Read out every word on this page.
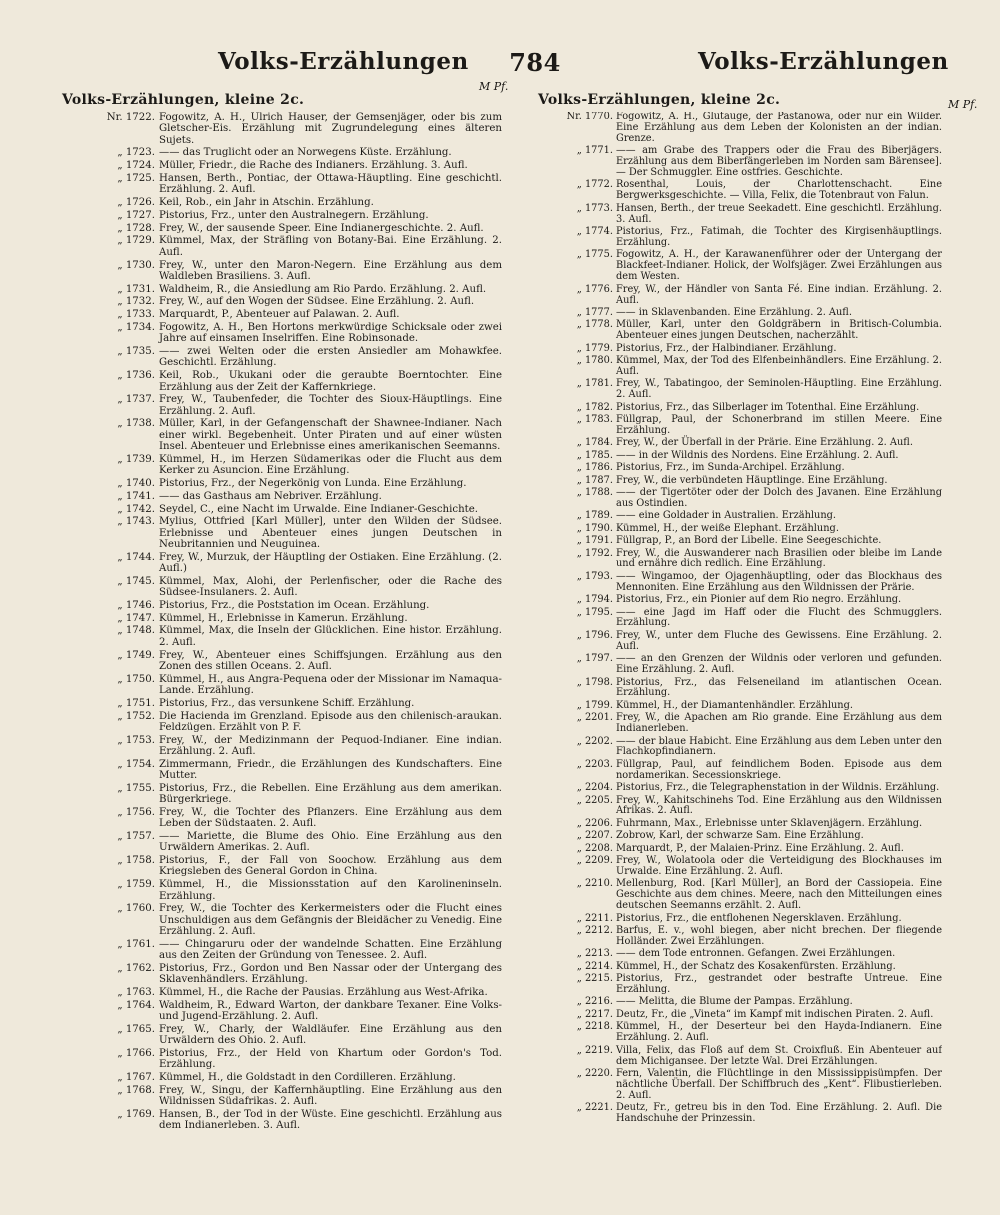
Volks-Erzählungen 784	Volks-Erzählungen
M Pf.
M Pf.
Volks-Erzählungen, kleine 2c.	Volks-Erzählungen, kleine 2c.
Nr. 1722. Fogowitz, A. H., Ulrich Hauser, der Gemsenjäger, oder bis zum Gletscher-Eis. Erzählung mit Zugrundelegung eines älteren Sujets.
„ 1723. —— das Truglicht oder an Norwegens Küste. Erzählung.
„ 1724. Müller, Friedr., die Rache des Indianers. Erzählung. 3. Aufl.
„ 1725. Hansen, Berth., Pontiac, der Ottawa-Häuptling. Eine geschichtl. Erzählung. 2. Aufl.
„ 1726. Keil, Rob., ein Jahr in Atschin. Erzählung.
„ 1727. Pistorius, Frz., unter den Australnegern. Erzählung.
„ 1728. Frey, W., der sausende Speer. Eine Indianergeschichte. 2. Aufl.
„ 1729. Kümmel, Max, der Sträfling von Botany-Bai. Eine Erzählung. 2. Aufl.
„ 1730. Frey, W., unter den Maron-Negern. Eine Erzählung aus dem Waldleben Brasiliens. 3. Aufl.
„ 1731. Waldheim, R., die Ansiedlung am Rio Pardo. Erzählung. 2. Aufl.
„ 1732. Frey, W., auf den Wogen der Südsee. Eine Erzählung. 2. Aufl.
„ 1733. Marquardt, P., Abenteuer auf Palawan. 2. Aufl.
„ 1734. Fogowitz, A. H., Ben Hortons merkwürdige Schicksale oder zwei Jahre auf einsamen Inselriffen. Eine Robinsonade.
„ 1735. —— zwei Welten oder die ersten Ansiedler am Mohawkfee. Geschichtl. Erzählung.
„ 1736. Keil, Rob., Ukukani oder die geraubte Boerntochter. Eine Erzählung aus der Zeit der Kaffernkriege.
„ 1737. Frey, W., Taubenfeder, die Tochter des Sioux-Häuptlings. Eine Erzählung. 2. Aufl.
„ 1738. Müller, Karl, in der Gefangenschaft der Shawnee-Indianer. Nach einer wirkl. Begebenheit. Unter Piraten und auf einer wüsten Insel. Abenteuer und Erlebnisse eines amerikanischen Seemanns.
„ 1739. Kümmel, H., im Herzen Südamerikas oder die Flucht aus dem Kerker zu Asuncion. Eine Erzählung.
„ 1740. Pistorius, Frz., der Negerkönig von Lunda. Eine Erzählung.
„ 1741. —— das Gasthaus am Nebriver. Erzählung.
„ 1742. Seydel, C., eine Nacht im Urwalde. Eine Indianer-Geschichte.
„ 1743. Mylius, Ottfried [Karl Müller], unter den Wilden der Südsee. Erlebnisse und Abenteuer eines jungen Deutschen in Neubritannien und Neuguinea.
„ 1744. Frey, W., Murzuk, der Häuptling der Ostiaken. Eine Erzählung. (2. Aufl.)
„ 1745. Kümmel, Max, Alohi, der Perlenfischer, oder die Rache des Südsee-Insulaners. 2. Aufl.
„ 1746. Pistorius, Frz., die Poststation im Ocean. Erzählung.
„ 1747. Kümmel, H., Erlebnisse in Kamerun. Erzählung.
„ 1748. Kümmel, Max, die Inseln der Glücklichen. Eine histor. Erzählung. 2. Aufl.
„ 1749. Frey, W., Abenteuer eines Schiffsjungen. Erzählung aus den Zonen des stillen Oceans. 2. Aufl.
„ 1750. Kümmel, H., aus Angra-Pequena oder der Missionar im Namaqua-Lande. Erzählung.
„ 1751. Pistorius, Frz., das versunkene Schiff. Erzählung.
„ 1752. Die Hacienda im Grenzland. Episode aus den chilenisch-araukan. Feldzügen. Erzählt von P. F.
„ 1753. Frey, W., der Medizinmann der Pequod-Indianer. Eine indian. Erzählung. 2. Aufl.
„ 1754. Zimmermann, Friedr., die Erzählungen des Kundschafters. Eine Mutter.
„ 1755. Pistorius, Frz., die Rebellen. Eine Erzählung aus dem amerikan. Bürgerkriege.
„ 1756. Frey, W., die Tochter des Pflanzers. Eine Erzählung aus dem Leben der Südstaaten. 2. Aufl.
„ 1757. —— Mariette, die Blume des Ohio. Eine Erzählung aus den Urwäldern Amerikas. 2. Aufl.
„ 1758. Pistorius, F., der Fall von Soochow. Erzählung aus dem Kriegsleben des General Gordon in China.
„ 1759. Kümmel, H., die Missionsstation auf den Karolineninseln. Erzählung.
„ 1760. Frey, W., die Tochter des Kerkermeisters oder die Flucht eines Unschuldigen aus dem Gefängnis der Bleidächer zu Venedig. Eine Erzählung. 2. Aufl.
„ 1761. —— Chingaruru oder der wandelnde Schatten. Eine Erzählung aus den Zeiten der Gründung von Tenessee. 2. Aufl.
„ 1762. Pistorius, Frz., Gordon und Ben Nassar oder der Untergang des Sklavenhändlers. Erzählung.
„ 1763. Kümmel, H., die Rache der Pausias. Erzählung aus West-Afrika.
„ 1764. Waldheim, R., Edward Warton, der dankbare Texaner. Eine Volks- und Jugend-Erzählung. 2. Aufl.
„ 1765. Frey, W., Charly, der Waldläufer. Eine Erzählung aus den Urwäldern des Ohio. 2. Aufl.
„ 1766. Pistorius, Frz., der Held von Khartum oder Gordon's Tod. Erzählung.
„ 1767. Kümmel, H., die Goldstadt in den Cordilleren. Erzählung.
„ 1768. Frey, W., Singu, der Kaffernhäuptling. Eine Erzählung aus den Wildnissen Südafrikas. 2. Aufl.
„ 1769. Hansen, B., der Tod in der Wüste. Eine geschichtl. Erzählung aus dem Indianerleben. 3. Aufl.
Nr. 1770. Fogowitz, A. H., Glutauge, der Pastanowa, oder nur ein Wilder. Eine Erzählung aus dem Leben der Kolonisten an der indian. Grenze.
„ 1771. —— am Grabe des Trappers oder die Frau des Biberjägers. Erzählung aus dem Biberfängerleben im Norden sam Bärensee]. — Der Schmuggler. Eine ostfries. Geschichte.
„ 1772. Rosenthal, Louis, der Charlottenschacht. Eine Bergwerksgeschichte. — Villa, Felix, die Totenbraut von Falun.
„ 1773. Hansen, Berth., der treue Seekadett. Eine geschichtl. Erzählung. 3. Aufl.
„ 1774. Pistorius, Frz., Fatimah, die Tochter des Kirgisenhäuptlings. Erzählung.
„ 1775. Fogowitz, A. H., der Karawanenführer oder der Untergang der Blackfeet-Indianer. Holick, der Wolfsjäger. Zwei Erzählungen aus dem Westen.
„ 1776. Frey, W., der Händler von Santa Fé. Eine indian. Erzählung. 2. Aufl.
„ 1777. —— in Sklavenbanden. Eine Erzählung. 2. Aufl.
„ 1778. Müller, Karl, unter den Goldgräbern in Britisch-Columbia. Abenteuer eines jungen Deutschen, nacherzählt.
„ 1779. Pistorius, Frz., der Halbindianer. Erzählung.
„ 1780. Kümmel, Max, der Tod des Elfenbeinhändlers. Eine Erzählung. 2. Aufl.
„ 1781. Frey, W., Tabatingoo, der Seminolen-Häuptling. Eine Erzählung. 2. Aufl.
„ 1782. Pistorius, Frz., das Silberlager im Totenthal. Eine Erzählung.
„ 1783. Füllgrap, Paul, der Schonerbrand im stillen Meere. Eine Erzählung.
„ 1784. Frey, W., der Überfall in der Prärie. Eine Erzählung. 2. Aufl.
„ 1785. —— in der Wildnis des Nordens. Eine Erzählung. 2. Aufl.
„ 1786. Pistorius, Frz., im Sunda-Archipel. Erzählung.
„ 1787. Frey, W., die verbündeten Häuptlinge. Eine Erzählung.
„ 1788. —— der Tigertöter oder der Dolch des Javanen. Eine Erzählung aus Ostindien.
„ 1789. —— eine Goldader in Australien. Erzählung.
„ 1790. Kümmel, H., der weiße Elephant. Erzählung.
„ 1791. Füllgrap, P., an Bord der Libelle. Eine Seegeschichte.
„ 1792. Frey, W., die Auswanderer nach Brasilien oder bleibe im Lande und ernähre dich redlich. Eine Erzählung.
„ 1793. —— Wingamoo, der Ojagenhäuptling, oder das Blockhaus des Mennoniten. Eine Erzählung aus den Wildnissen der Prärie.
„ 1794. Pistorius, Frz., ein Pionier auf dem Rio negro. Erzählung.
„ 1795. —— eine Jagd im Haff oder die Flucht des Schmugglers. Erzählung.
„ 1796. Frey, W., unter dem Fluche des Gewissens. Eine Erzählung. 2. Aufl.
„ 1797. —— an den Grenzen der Wildnis oder verloren und gefunden. Eine Erzählung. 2. Aufl.
„ 1798. Pistorius, Frz., das Felseneiland im atlantischen Ocean. Erzählung.
„ 1799. Kümmel, H., der Diamantenhändler. Erzählung.
„ 2201. Frey, W., die Apachen am Rio grande. Eine Erzählung aus dem Indianerleben.
„ 2202. —— der blaue Habicht. Eine Erzählung aus dem Leben unter den Flachkopfindianern.
„ 2203. Füllgrap, Paul, auf feindlichem Boden. Episode aus dem nordamerikan. Secessionskriege.
„ 2204. Pistorius, Frz., die Telegraphenstation in der Wildnis. Erzählung.
„ 2205. Frey, W., Kahitschinehs Tod. Eine Erzählung aus den Wildnissen Afrikas. 2. Aufl.
„ 2206. Fuhrmann, Max., Erlebnisse unter Sklavenjägern. Erzählung.
„ 2207. Zobrow, Karl, der schwarze Sam. Eine Erzählung.
„ 2208. Marquardt, P., der Malaien-Prinz. Eine Erzählung. 2. Aufl.
„ 2209. Frey, W., Wolatoola oder die Verteidigung des Blockhauses im Urwalde. Eine Erzählung. 2. Aufl.
„ 2210. Mellenburg, Rod. [Karl Müller], an Bord der Cassiopeia. Eine Geschichte aus dem chines. Meere, nach den Mitteilungen eines deutschen Seemanns erzählt. 2. Aufl.
„ 2211. Pistorius, Frz., die entflohenen Negersklaven. Erzählung.
„ 2212. Barfus, E. v., wohl biegen, aber nicht brechen. Der fliegende Holländer. Zwei Erzählungen.
„ 2213. —— dem Tode entronnen. Gefangen. Zwei Erzählungen.
„ 2214. Kümmel, H., der Schatz des Kosakenfürsten. Erzählung.
„ 2215. Pistorius, Frz., gestrandet oder bestrafte Untreue. Eine Erzählung.
„ 2216. —— Melitta, die Blume der Pampas. Erzählung.
„ 2217. Deutz, Fr., die „Vineta“ im Kampf mit indischen Piraten. 2. Aufl.
„ 2218. Kümmel, H., der Deserteur bei den Hayda-Indianern. Eine Erzählung. 2. Aufl.
„ 2219. Villa, Felix, das Floß auf dem St. Croixfluß. Ein Abenteuer auf dem Michigansee. Der letzte Wal. Drei Erzählungen.
„ 2220. Fern, Valentin, die Flüchtlinge in den Mississippisümpfen. Der nächtliche Überfall. Der Schiffbruch des „Kent“. Flibustierleben. 2. Aufl.
„ 2221. Deutz, Fr., getreu bis in den Tod. Eine Erzählung. 2. Aufl. Die Handschuhe der Prinzessin.
